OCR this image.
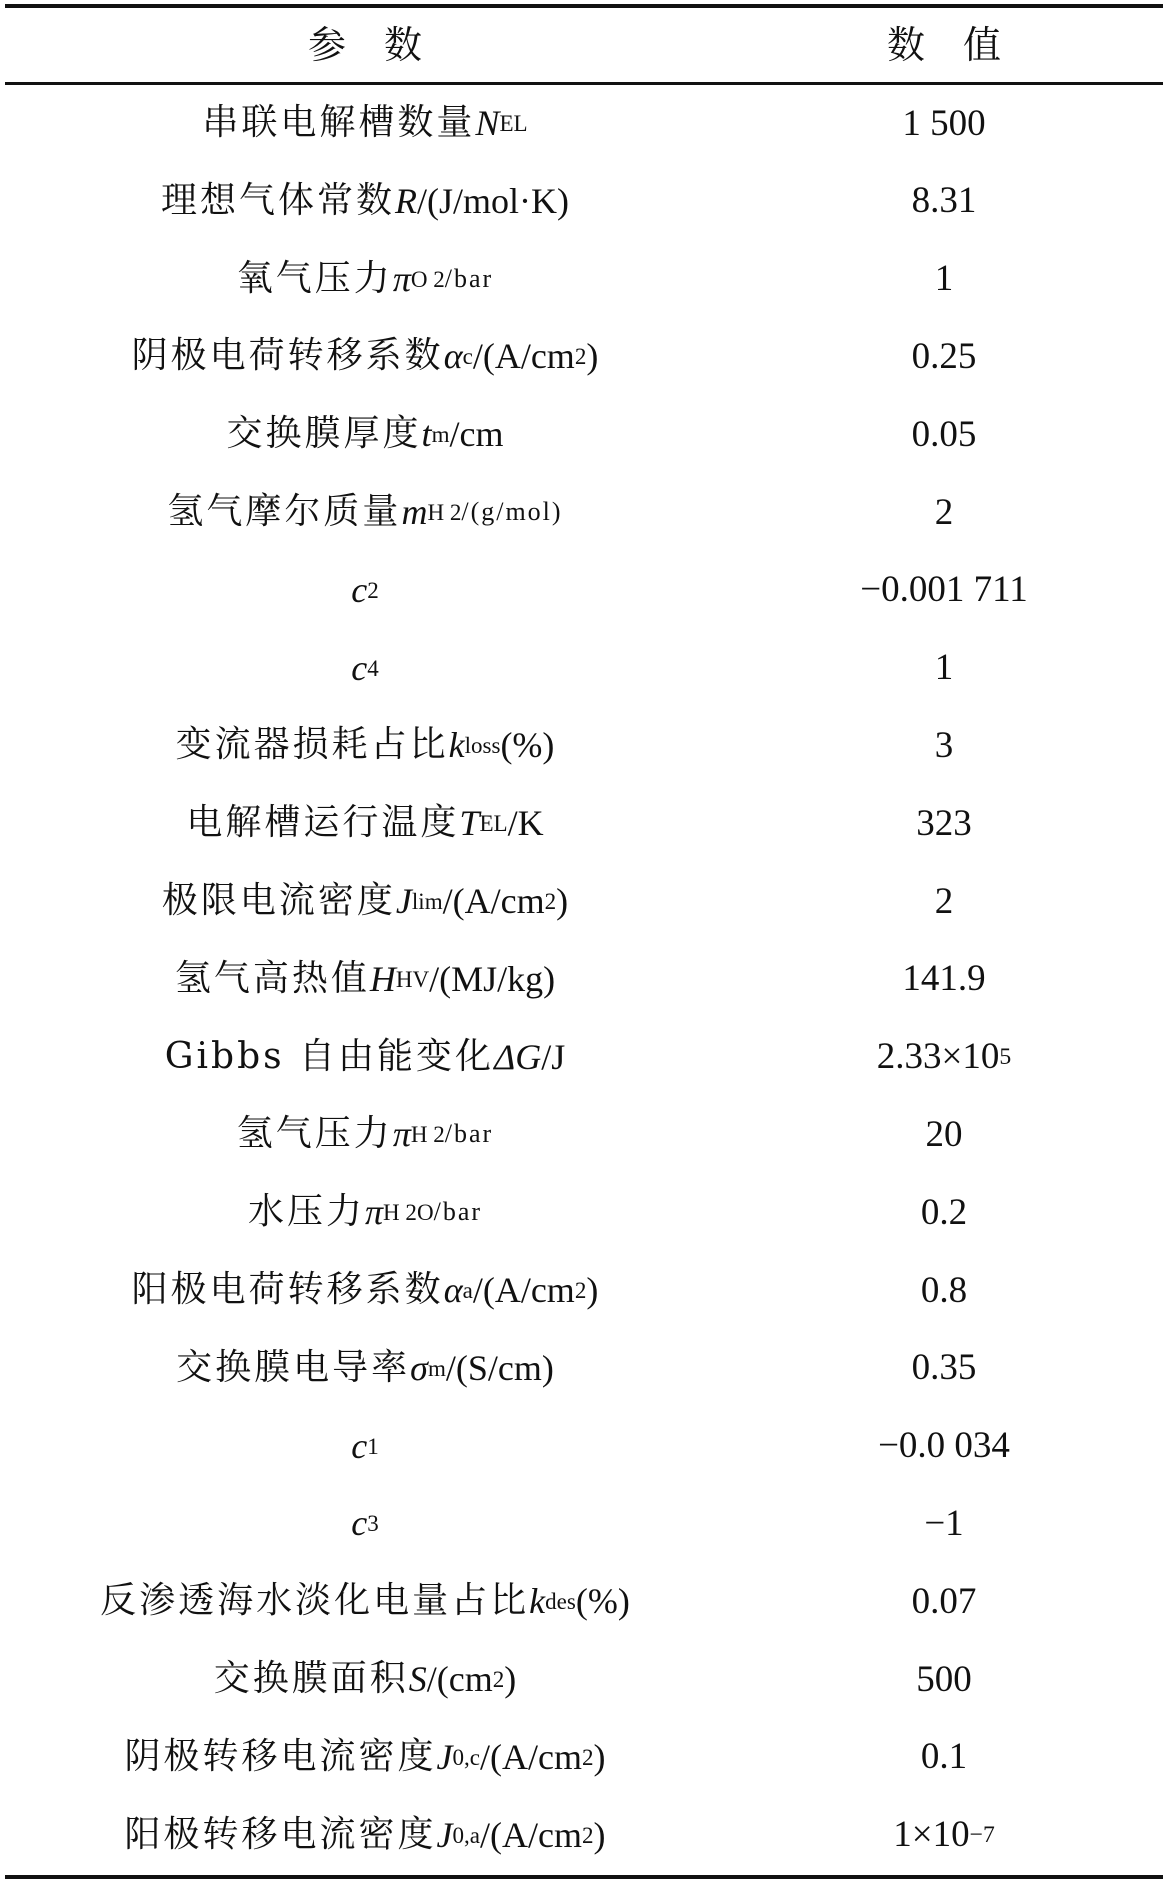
参　数	数　值
串联电解槽数量 N EL	1 500
理想气体常数 R /(J/mol·K)	8.31
氧气压力 π O 2 /bar	1
阴极电荷转移系数 α c /(A/cm 2 )	0.25
交换膜厚度 t m /cm	0.05
氢气摩尔质量 m H 2 /(g/mol)	2
c 2	−0.001 711
c 4	1
变流器损耗占比 k loss (%)	3
电解槽运行温度 T EL /K	323
极限电流密度 J lim /(A/cm 2 )	2
氢气高热值 H HV /(MJ/kg)	141.9
Gibbs 自由能变化 ΔG /J	2.33×10 5
氢气压力 π H 2 /bar	20
水压力 π H 2O /bar	0.2
阳极电荷转移系数 α a /(A/cm 2 )	0.8
交换膜电导率 σ m /(S/cm)	0.35
c 1	−0.0 034
c 3	−1
反渗透海水淡化电量占比 k des (%)	0.07
交换膜面积 S /(cm 2 )	500
阴极转移电流密度 J 0,c /(A/cm 2 )	0.1
阳极转移电流密度 J 0,a /(A/cm 2 )	1×10 −7
